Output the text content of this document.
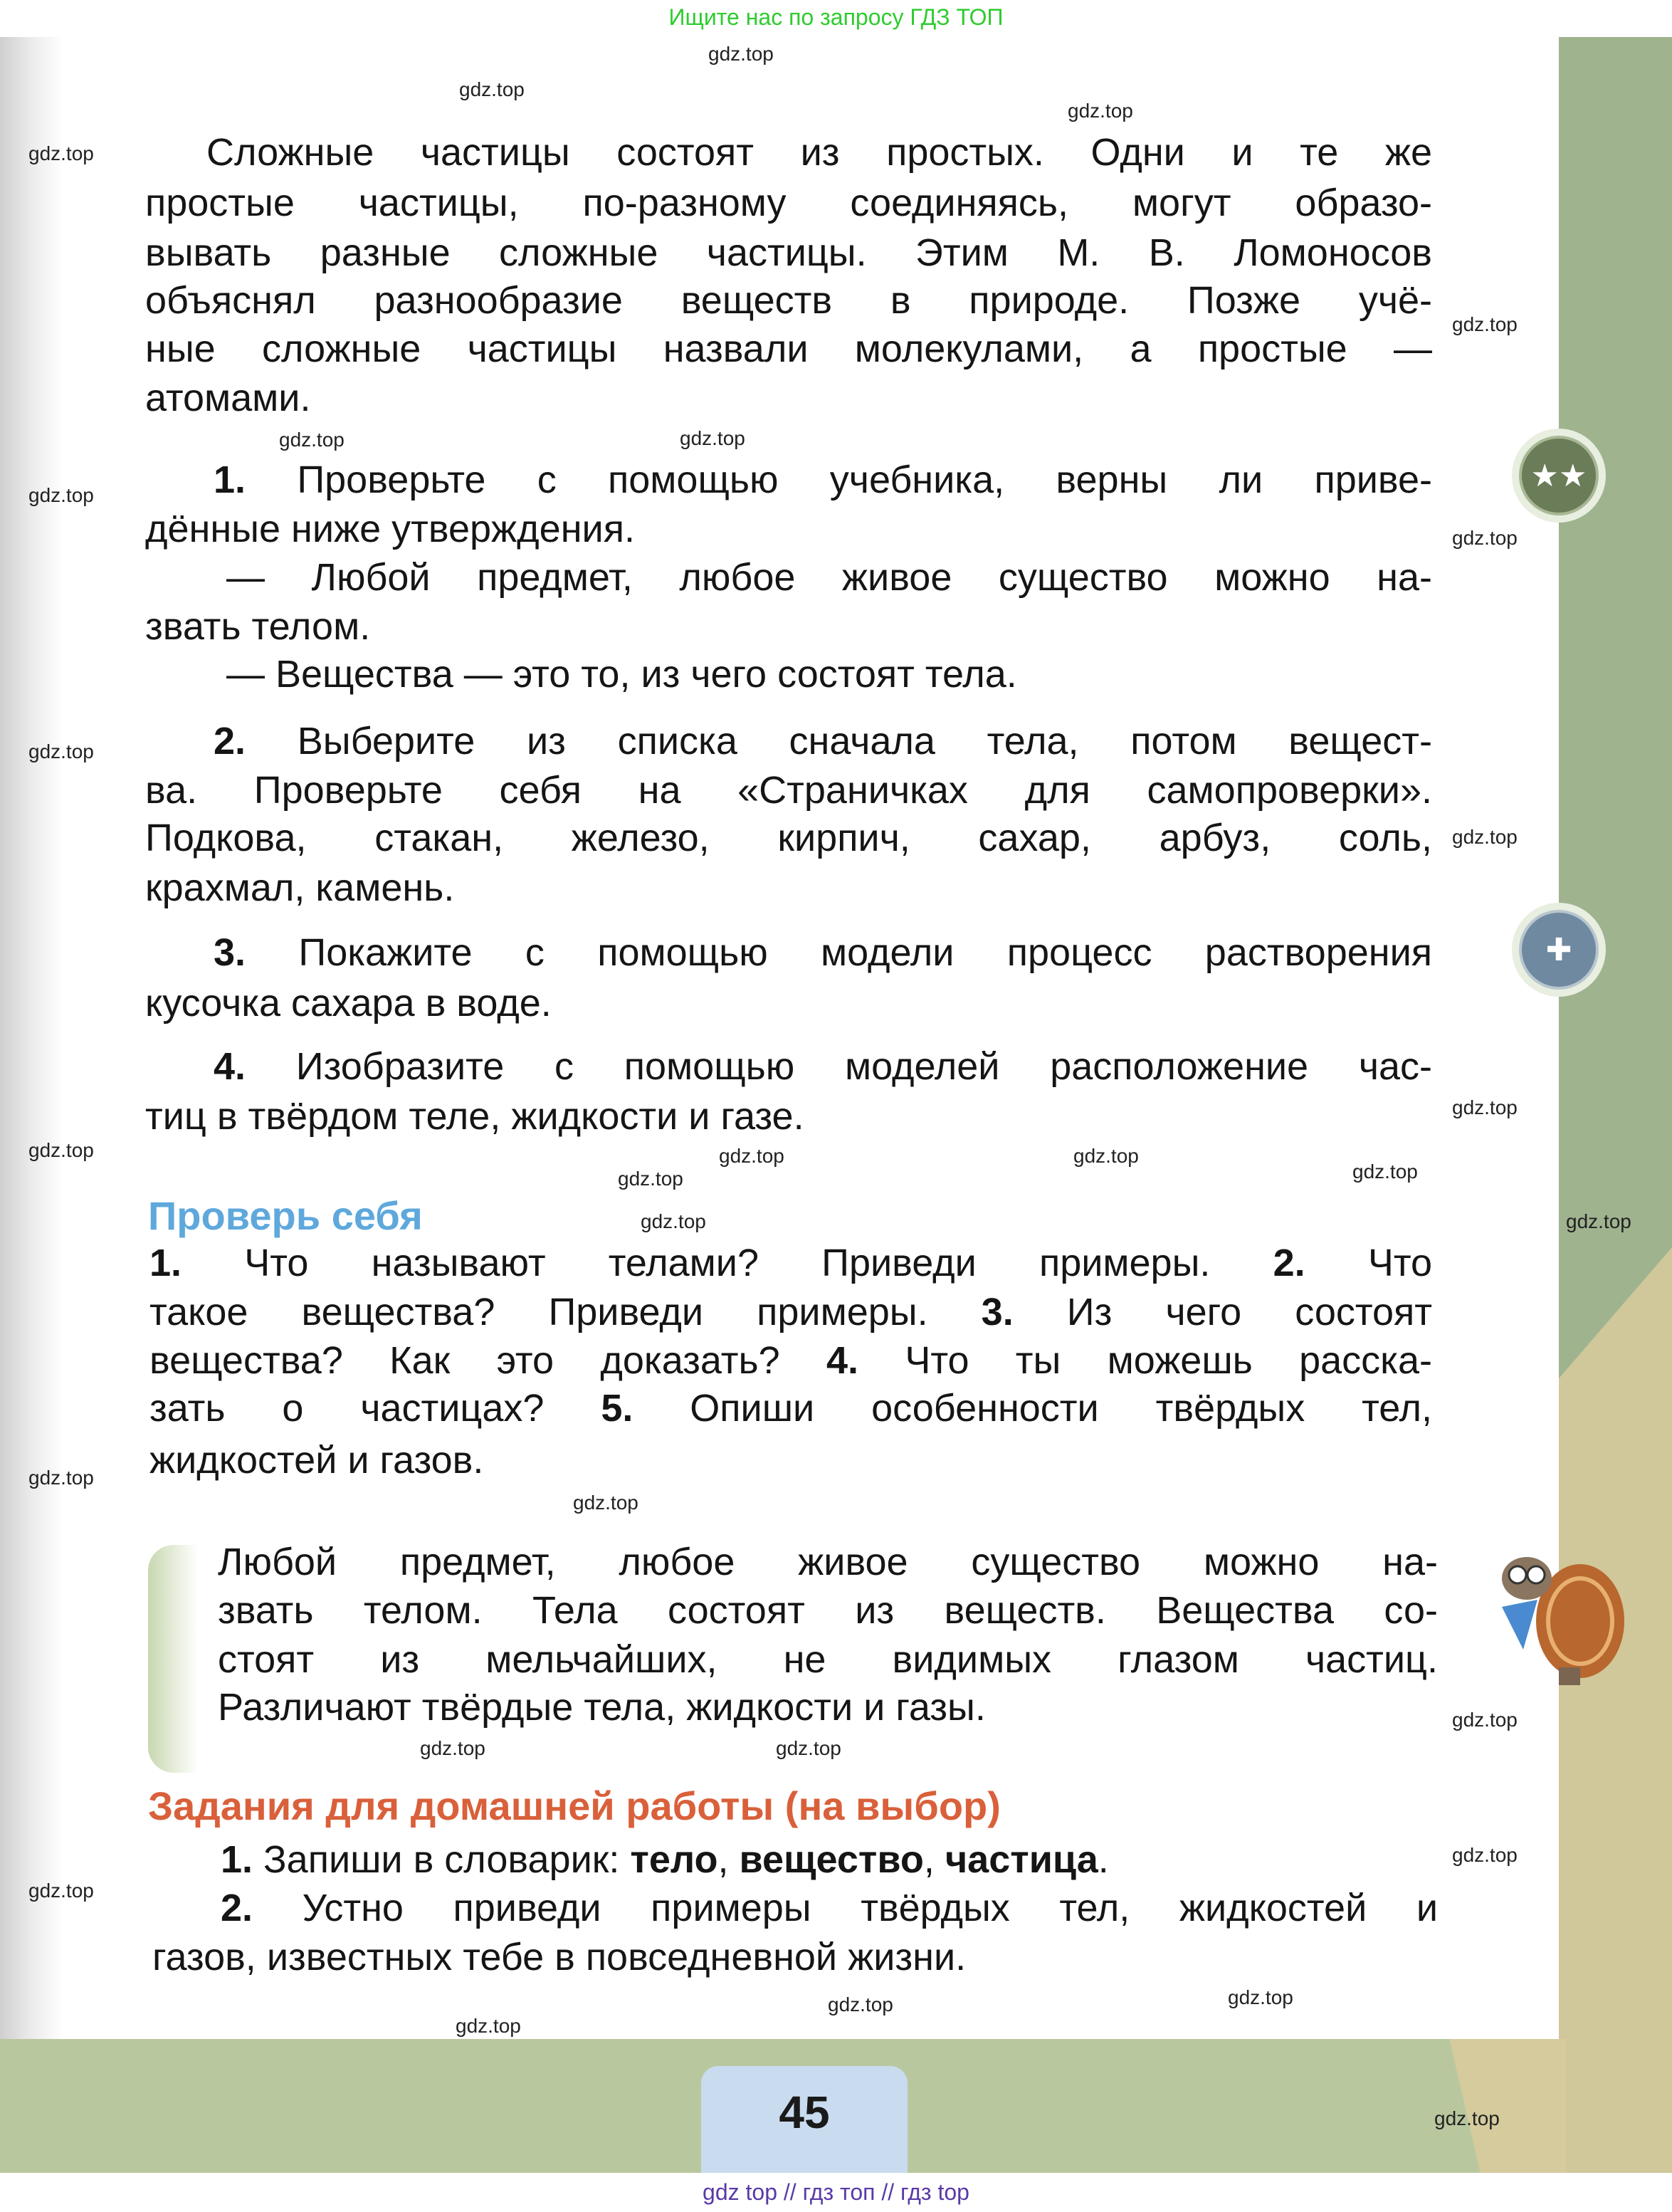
Ищите нас по запросу ГДЗ ТОП
★★
✚
Сложные частицы состоят из простых. Одни и те же
простые частицы, по-разному соединяясь, могут образо-
вывать разные сложные частицы. Этим М. В. Ломоносов
объяснял разнообразие веществ в природе. Позже учё-
ные сложные частицы назвали молекулами, а простые —
атомами.
1. Проверьте с помощью учебника, верны ли приве-
дённые ниже утверждения.
— Любой предмет, любое живое существо можно на-
звать телом.
— Вещества — это то, из чего состоят тела.
2. Выберите из списка сначала тела, потом вещест-
ва. Проверьте себя на «Страничках для самопроверки».
Подкова, стакан, железо, кирпич, сахар, арбуз, соль,
крахмал, камень.
3. Покажите с помощью модели процесс растворения
кусочка сахара в воде.
4. Изобразите с помощью моделей расположение час-
тиц в твёрдом теле, жидкости и газе.
1. Что называют телами? Приведи примеры. 2. Что
такое вещества? Приведи примеры. 3. Из чего состоят
вещества? Как это доказать? 4. Что ты можешь расска-
зать о частицах? 5. Опиши особенности твёрдых тел,
жидкостей и газов.
Любой предмет, любое живое существо можно на-
звать телом. Тела состоят из веществ. Вещества со-
стоят из мельчайших, не видимых глазом частиц.
Различают твёрдые тела, жидкости и газы.
1. Запиши в словарик: тело, вещество, частица.
2. Устно приведи примеры твёрдых тел, жидкостей и
газов, известных тебе в повседневной жизни.
Проверь себя
Задания для домашней работы (на выбор)
45
gdz.top
gdz.top
gdz.top
gdz.top
gdz.top
gdz.top
gdz.top
gdz.top
gdz.top
gdz.top
gdz.top
gdz.top
gdz.top	gdz.top
gdz.top
gdz.top
gdz.top
gdz.top	gdz.top
gdz.top
gdz.top
gdz.top
gdz.top
gdz.top
gdz.top
gdz.top
gdz.top
gdz.top
gdz.top
gdz.top
gdz top // гдз топ // гдз top
